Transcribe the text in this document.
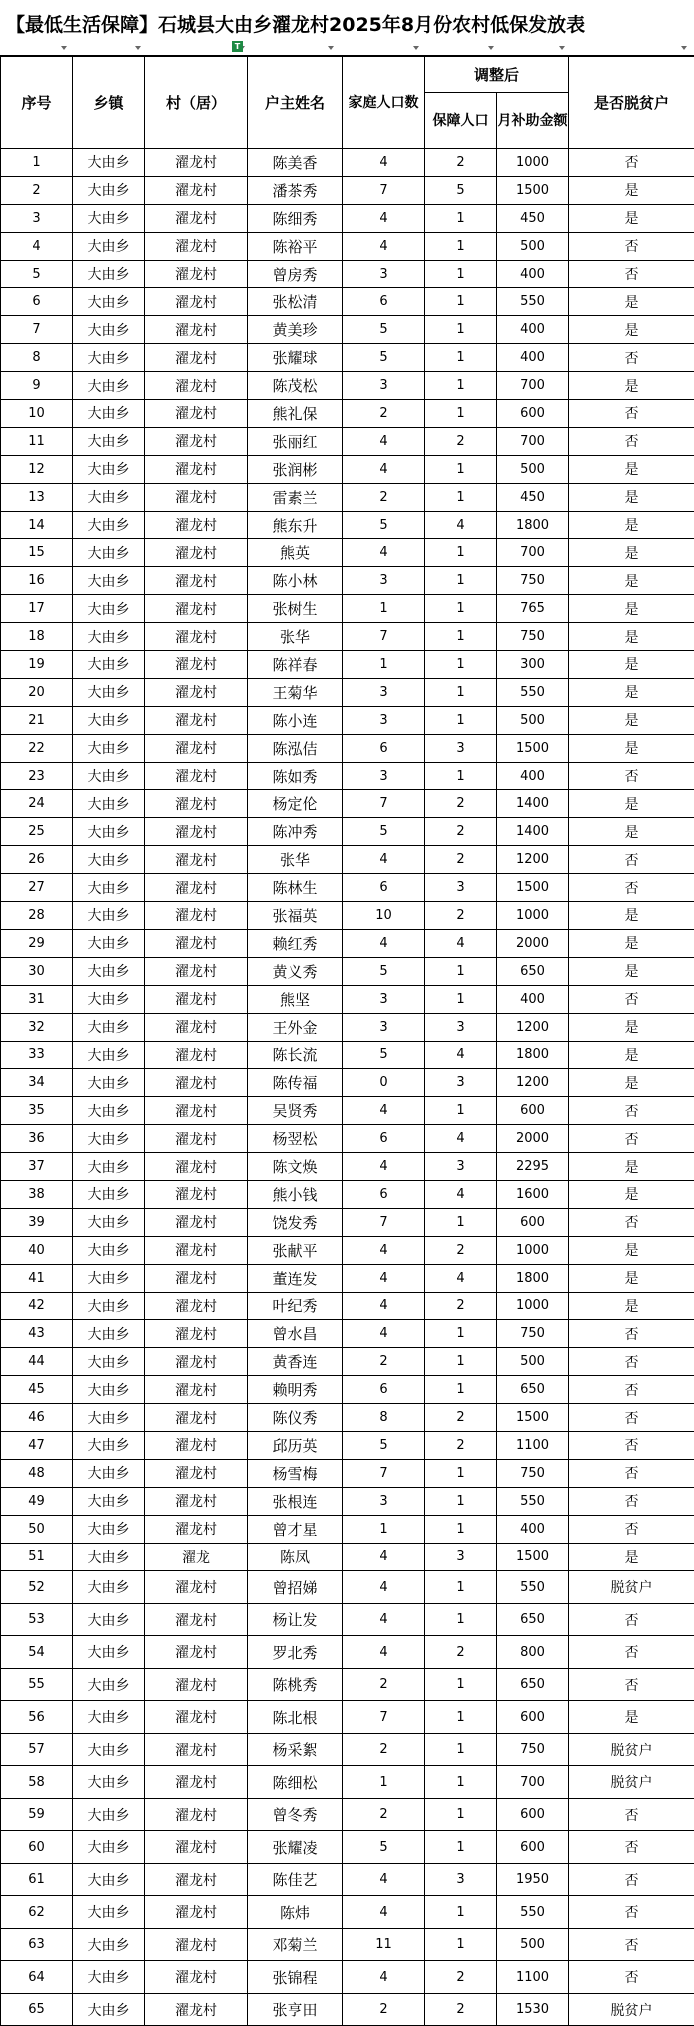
【最低生活保障】石城县大由乡濯龙村2025年8月份农村低保发放表
T
序号	乡镇	村（居）	户主姓名	家庭人口数	调整后		是否脱贫户
					保障人口	月补助金额	
1	大由乡	濯龙村	陈美香	4	2	1000	否
2	大由乡	濯龙村	潘茶秀	7	5	1500	是
3	大由乡	濯龙村	陈细秀	4	1	450	是
4	大由乡	濯龙村	陈裕平	4	1	500	否
5	大由乡	濯龙村	曾房秀	3	1	400	否
6	大由乡	濯龙村	张松清	6	1	550	是
7	大由乡	濯龙村	黄美珍	5	1	400	是
8	大由乡	濯龙村	张耀球	5	1	400	否
9	大由乡	濯龙村	陈茂松	3	1	700	是
10	大由乡	濯龙村	熊礼保	2	1	600	否
11	大由乡	濯龙村	张丽红	4	2	700	否
12	大由乡	濯龙村	张润彬	4	1	500	是
13	大由乡	濯龙村	雷素兰	2	1	450	是
14	大由乡	濯龙村	熊东升	5	4	1800	是
15	大由乡	濯龙村	熊英	4	1	700	是
16	大由乡	濯龙村	陈小林	3	1	750	是
17	大由乡	濯龙村	张树生	1	1	765	是
18	大由乡	濯龙村	张华	7	1	750	是
19	大由乡	濯龙村	陈祥春	1	1	300	是
20	大由乡	濯龙村	王菊华	3	1	550	是
21	大由乡	濯龙村	陈小连	3	1	500	是
22	大由乡	濯龙村	陈泓佶	6	3	1500	是
23	大由乡	濯龙村	陈如秀	3	1	400	否
24	大由乡	濯龙村	杨定伦	7	2	1400	是
25	大由乡	濯龙村	陈冲秀	5	2	1400	是
26	大由乡	濯龙村	张华	4	2	1200	否
27	大由乡	濯龙村	陈林生	6	3	1500	否
28	大由乡	濯龙村	张福英	10	2	1000	是
29	大由乡	濯龙村	赖红秀	4	4	2000	是
30	大由乡	濯龙村	黄义秀	5	1	650	是
31	大由乡	濯龙村	熊坚	3	1	400	否
32	大由乡	濯龙村	王外金	3	3	1200	是
33	大由乡	濯龙村	陈长流	5	4	1800	是
34	大由乡	濯龙村	陈传福	0	3	1200	是
35	大由乡	濯龙村	吴贤秀	4	1	600	否
36	大由乡	濯龙村	杨翌松	6	4	2000	否
37	大由乡	濯龙村	陈文焕	4	3	2295	是
38	大由乡	濯龙村	熊小钱	6	4	1600	是
39	大由乡	濯龙村	饶发秀	7	1	600	否
40	大由乡	濯龙村	张献平	4	2	1000	是
41	大由乡	濯龙村	董连发	4	4	1800	是
42	大由乡	濯龙村	叶纪秀	4	2	1000	是
43	大由乡	濯龙村	曾水昌	4	1	750	否
44	大由乡	濯龙村	黄香连	2	1	500	否
45	大由乡	濯龙村	赖明秀	6	1	650	否
46	大由乡	濯龙村	陈仪秀	8	2	1500	否
47	大由乡	濯龙村	邱历英	5	2	1100	否
48	大由乡	濯龙村	杨雪梅	7	1	750	否
49	大由乡	濯龙村	张根连	3	1	550	否
50	大由乡	濯龙村	曾才星	1	1	400	否
51	大由乡	濯龙	陈凤	4	3	1500	是
52	大由乡	濯龙村	曾招娣	4	1	550	脱贫户
53	大由乡	濯龙村	杨让发	4	1	650	否
54	大由乡	濯龙村	罗北秀	4	2	800	否
55	大由乡	濯龙村	陈桃秀	2	1	650	否
56	大由乡	濯龙村	陈北根	7	1	600	是
57	大由乡	濯龙村	杨采絮	2	1	750	脱贫户
58	大由乡	濯龙村	陈细松	1	1	700	脱贫户
59	大由乡	濯龙村	曾冬秀	2	1	600	否
60	大由乡	濯龙村	张耀凌	5	1	600	否
61	大由乡	濯龙村	陈佳艺	4	3	1950	否
62	大由乡	濯龙村	陈炜	4	1	550	否
63	大由乡	濯龙村	邓菊兰	11	1	500	否
64	大由乡	濯龙村	张锦程	4	2	1100	否
65	大由乡	濯龙村	张亨田	2	2	1530	脱贫户
